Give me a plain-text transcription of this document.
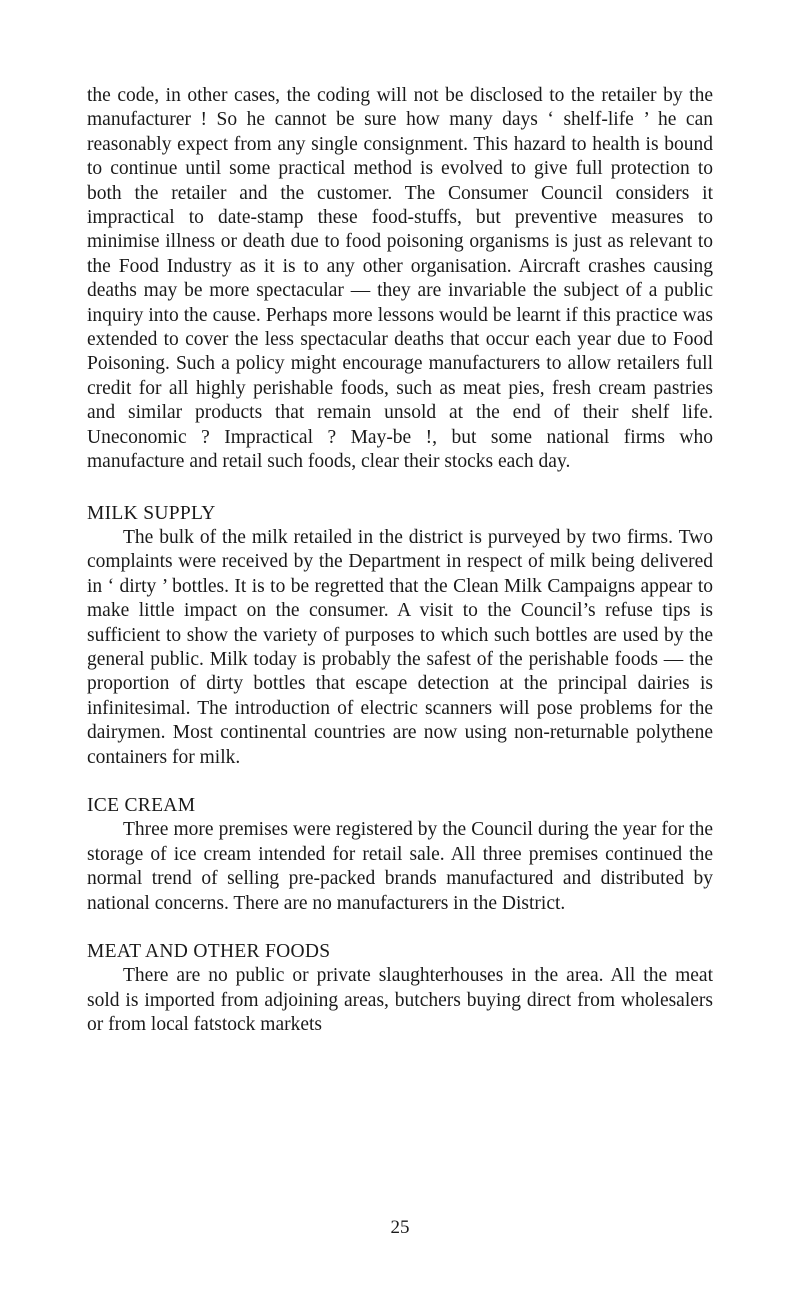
the code, in other cases, the coding will not be disclosed to the retailer by the manufacturer ! So he cannot be sure how many days ‘ shelf-life ’ he can reasonably expect from any single consignment. This hazard to health is bound to continue until some practical method is evolved to give full protection to both the retailer and the customer. The Consumer Council considers it impractical to date-stamp these food-stuffs, but preventive measures to minimise illness or death due to food poisoning organisms is just as relevant to the Food Industry as it is to any other organisation. Aircraft crashes causing deaths may be more spectacular — they are invariable the subject of a public inquiry into the cause. Perhaps more lessons would be learnt if this practice was extended to cover the less spectacular deaths that occur each year due to Food Poisoning. Such a policy might encourage manufacturers to allow retailers full credit for all highly perishable foods, such as meat pies, fresh cream pastries and similar products that remain unsold at the end of their shelf life. Uneconomic ? Impractical ? May-be !, but some national firms who manufacture and retail such foods, clear their stocks each day.

MILK SUPPLY

The bulk of the milk retailed in the district is purveyed by two firms. Two complaints were received by the Department in respect of milk being delivered in ‘ dirty ’ bottles. It is to be regretted that the Clean Milk Campaigns appear to make little impact on the consumer. A visit to the Council’s refuse tips is sufficient to show the variety of purposes to which such bottles are used by the general public. Milk today is probably the safest of the perishable foods — the proportion of dirty bottles that escape detection at the principal dairies is infinitesimal. The introduction of electric scanners will pose problems for the dairymen. Most continental countries are now using non-returnable polythene containers for milk.

ICE CREAM

Three more premises were registered by the Council during the year for the storage of ice cream intended for retail sale. All three premises continued the normal trend of selling pre-packed brands manufactured and distributed by national concerns. There are no manufacturers in the District.

MEAT AND OTHER FOODS

There are no public or private slaughterhouses in the area. All the meat sold is imported from adjoining areas, butchers buying direct from wholesalers or from local fatstock markets

25
